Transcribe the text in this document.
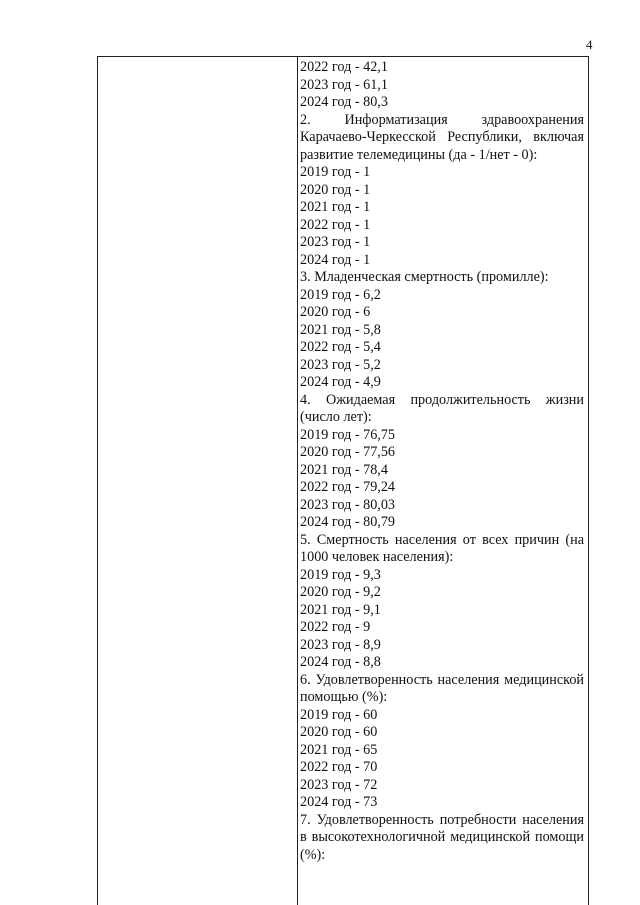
4
2022 год - 42,1
2023 год - 61,1
2024 год - 80,3
2. Информатизация здравоохранения Карачаево-Черкесской Республики, включая развитие телемедицины (да - 1/нет - 0):
2019 год - 1
2020 год - 1
2021 год - 1
2022 год - 1
2023 год - 1
2024 год - 1
3. Младенческая смертность (промилле):
2019 год - 6,2
2020 год - 6
2021 год - 5,8
2022 год - 5,4
2023 год - 5,2
2024 год - 4,9
4. Ожидаемая продолжительность жизни (число лет):
2019 год - 76,75
2020 год - 77,56
2021 год - 78,4
2022 год - 79,24
2023 год - 80,03
2024 год - 80,79
5. Смертность населения от всех причин (на 1000 человек населения):
2019 год - 9,3
2020 год - 9,2
2021 год - 9,1
2022 год - 9
2023 год - 8,9
2024 год - 8,8
6. Удовлетворенность населения медицинской помощью (%):
2019 год - 60
2020 год - 60
2021 год - 65
2022 год - 70
2023 год - 72
2024 год - 73
7. Удовлетворенность потребности населения в высокотехнологичной медицинской помощи (%):
